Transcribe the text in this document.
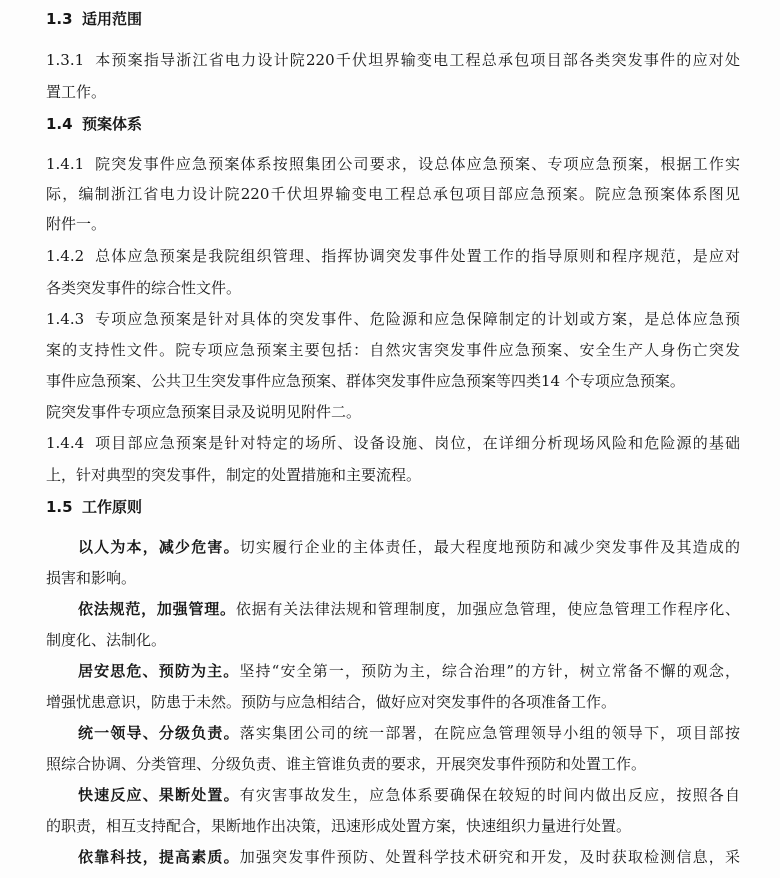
1.3 适用范围
1.3.1 本预案指导浙江省电力设计院220千伏坦界输变电工程总承包项目部各类突发事件的应对处
置工作。
1.4 预案体系
1.4.1 院突发事件应急预案体系按照集团公司要求，设总体应急预案、专项应急预案，根据工作实
际，编制浙江省电力设计院220千伏坦界输变电工程总承包项目部应急预案。院应急预案体系图见
附件一。
1.4.2 总体应急预案是我院组织管理、指挥协调突发事件处置工作的指导原则和程序规范，是应对
各类突发事件的综合性文件。
1.4.3 专项应急预案是针对具体的突发事件、危险源和应急保障制定的计划或方案，是总体应急预
案的支持性文件。院专项应急预案主要包括：自然灾害突发事件应急预案、安全生产人身伤亡突发
事件应急预案、公共卫生突发事件应急预案、群体突发事件应急预案等四类14 个专项应急预案。
院突发事件专项应急预案目录及说明见附件二。
1.4.4 项目部应急预案是针对特定的场所、设备设施、岗位，在详细分析现场风险和危险源的基础
上，针对典型的突发事件，制定的处置措施和主要流程。
1.5 工作原则
以人为本，减少危害。切实履行企业的主体责任，最大程度地预防和减少突发事件及其造成的
损害和影响。
依法规范，加强管理。依据有关法律法规和管理制度，加强应急管理，使应急管理工作程序化、
制度化、法制化。
居安思危、预防为主。坚持“安全第一，预防为主，综合治理”的方针，树立常备不懈的观念，
增强忧患意识，防患于未然。预防与应急相结合，做好应对突发事件的各项准备工作。
统一领导、分级负责。落实集团公司的统一部署，在院应急管理领导小组的领导下，项目部按
照综合协调、分类管理、分级负责、谁主管谁负责的要求，开展突发事件预防和处置工作。
快速反应、果断处置。有灾害事故发生，应急体系要确保在较短的时间内做出反应，按照各自
的职责，相互支持配合，果断地作出决策，迅速形成处置方案，快速组织力量进行处置。
依靠科技，提高素质。加强突发事件预防、处置科学技术研究和开发，及时获取检测信息，采
